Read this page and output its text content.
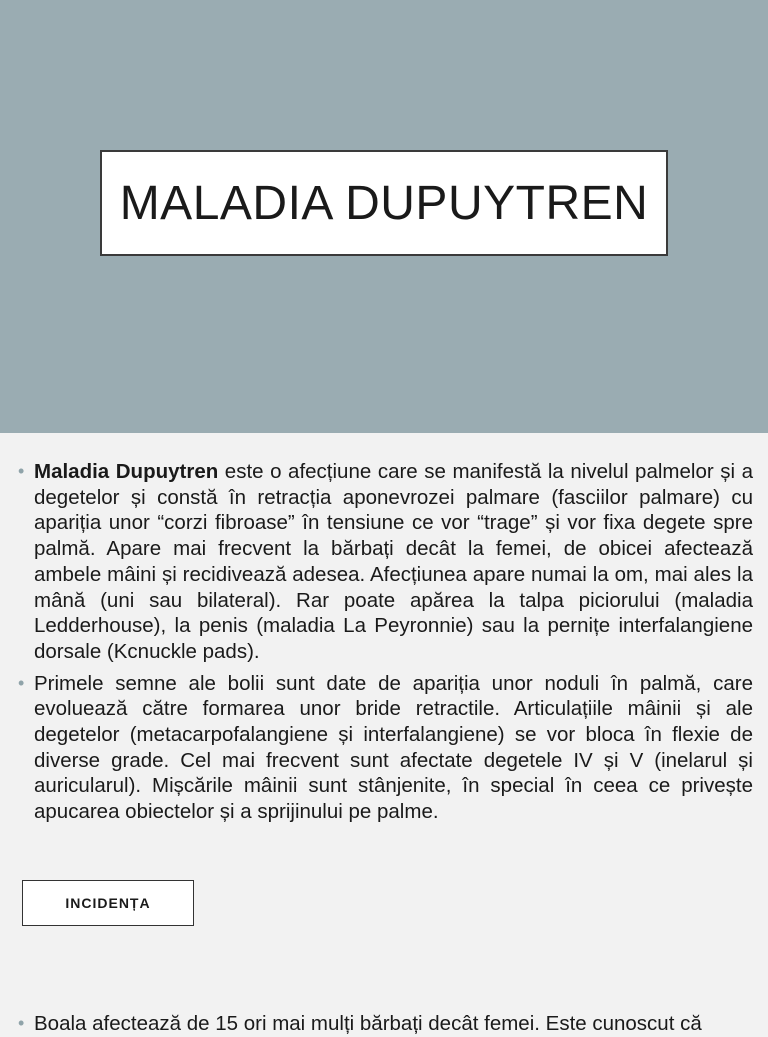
MALADIA DUPUYTREN
• Maladia Dupuytren este o afecțiune care se manifestă la nivelul palmelor și a degetelor și constă în retracția aponevrozei palmare (fasciilor palmare) cu apariția unor “corzi fibroase” în tensiune ce vor “trage” și vor fixa degete spre palmă. Apare mai frecvent la bărbați decât la femei, de obicei afectează ambele mâini și recidivează adesea. Afecțiunea apare numai la om, mai ales la mână (uni sau bilateral). Rar poate apărea la talpa piciorului (maladia Ledderhouse), la penis (maladia La Peyronnie) sau la pernițe interfalangiene dorsale (Kcnuckle pads).
• Primele semne ale bolii sunt date de apariția unor noduli în palmă, care evoluează către formarea unor bride retractile. Articulațiile mâinii și ale degetelor (metacarpofalangiene și interfalangiene) se vor bloca în flexie de diverse grade. Cel mai frecvent sunt afectate degetele IV și V (inelarul și auricularul). Mișcările mâinii sunt stânjenite, în special în ceea ce privește apucarea obiectelor și a sprijinului pe palme.
INCIDENȚA
• Boala afectează de 15 ori mai mulți bărbați decât femei. Este cunoscut că
